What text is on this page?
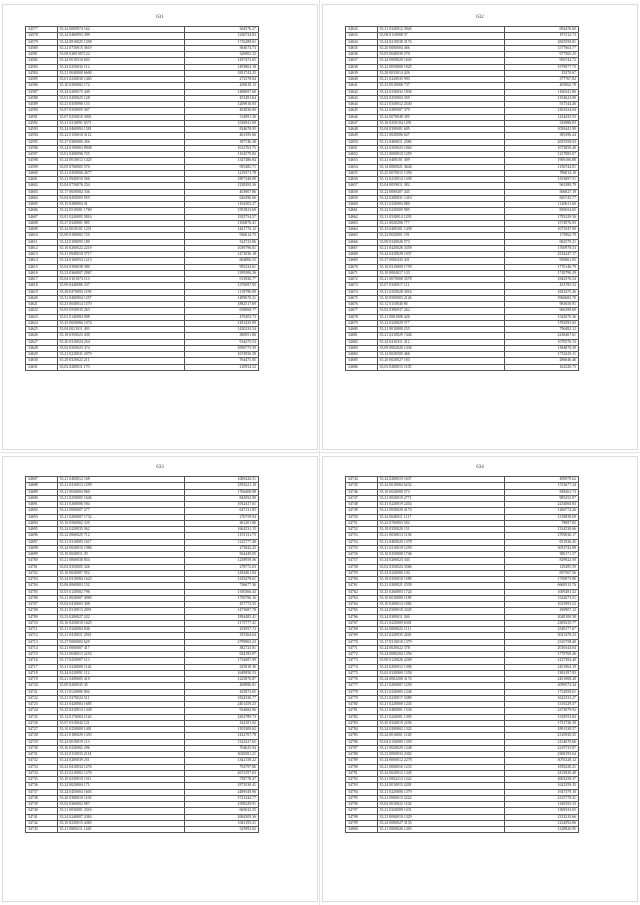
631
34577	35.24 0000974 162	564576.27
34578	35.24 0460093 399	1236734.83
34579	35.24 0810025 1358	1716289.61
34580	35.21 0750015 3619	384674.73
34581	35.08 0200 007122	326902.32
34582	35.24 0010516 603	1297472.65
34583	35.24 0250032 112	1493804.18
34584	35.21 0040000 6600	1821743.25
34585	35.01 0230030 1465	272578.04
34586	35.10 0200002 172	429618.13
34587	35.24 0200075 449	1488697.60
34588	35.01 0200025 128	453491.64
34589	35.21 0350090 153	1269916.93
34590	35.07 0350005 307	492830.80
34591	35.07 0250010 3001	314991.30
34592	35.21 0210091 6571	1536941.69
34593	35.24 0460094 1581	834678.95
34594	35.22 0150010 3112	461395.66
34595	35.27 0390000 456	397746.38
34596	35.24 0190063 8949	1612763.75
34597	35.01 0200096 725	1163579.82
34598	35.24 0010012 1425	1347486.84
34599	35.05 0760005 570	995485.71
34600	35.21 0450006 2677	1219371.78
34601	35.21 0940010 566	1807346.09
34602	35.04 0750076 254	1238393.36
34603	35.17 0650002 336	403907.86
34604	35.04 0450003 955	626396.66
34605	35.15 0280004 41	1194303.27
34606	35.22 0510001 1769	1591823.60
34607	35.01 0220005 5816	1825754.57
34608	35.27 0320001 985	1106876.41
34609	35.24 0010101 1251	1441776.12
34610	35.09 0180002 725	936614.75
34611	35.24 0190095 180	334723.86
34612	35.16 0260022 2219	1039796.81
34613	35.21 0940010 3717	1471036.18
34614	35.24 0160054 1213	664866.55
34615	35.04 0390038 380	995234.61
34616	35.23 0360007 2967	1399306.26
34617	35.04 0101073 113	913926.77
34618	35.09 0440086 337	1370697.95
34619	35.29 0470093 1199	1118790.09
34620	35.31 0400004 1257	1489670.21
34621	35.21 0040014 1570	1882517.69
34622	35.05 0550035 263	658068.77
34623	35.01 0140084 908	479203.73
34624	35.25 0650066 1074	2181435.09
34625	35.04 0021011 493	1420235.54
34626	35.18 0350023 430	386951.86
34627	35.20 0310024 254	914275.53
34628	35.02 0350023 374	2990775.59
34629	35.21 0220031 2079	1674956.39
34630	35.29 0320022 211	764475.85
34631	35.02 0280011 170	210934.52
632
34632	35.21 0320012 3926	694476.60
34633	35.08 0110008 37	197212.73
34634	35.24 0210038 3174	2825550.01
34635	35.20 0000004 466	1577663.77
34636	35.03 0040039 270	977565.25
34637	35.24 0000020 1643	956744.72
34638	35.22 0050008 1925	1579977.75
34639	35.28 0033014 426	35370.67
34640	35.21 0220035 993	377767.82
34641	35.23 0010006 737	405062.78
34642	35.24 0330032 1836	1160341.86
34643	35.02 0250004 359	1354623.00
34644	35.21 0330012 2540	537544.26
34645	35.22 0280007 379	1303434.04
34646	35.24 0070048 395	1234435.55
34647	35.16 0250104 1291	343886.83
34648	35.04 0390001 605	1039441.90
34649	35.21 0020006 627	385396.24
34650	35.21 0400011 2586	2655358.03
34651	35.24 0350023 1064	1073850.40
34652	35.21 0000010 1259	1237885.07
34653	35.21 0400101 309	1969106.88
34654	35.14 0000021 3644	1156744.01
34655	35.25 0070015 1356	786814.10
34656	35.12 0410014 1339	1353697.51
34657	35.04 0059011 382	963380.79
34658	35.22 0000407 445	566827.18
34659	35.22 0200031 1410	820743.77
34660	35.21 0220004 880	1140611.60
34661	35.23 0230000 985	830654.65
34662	35.11 0330014 1295	1795229.56
34663	35.21 0020206 777	1574976.93
34664	35.23 0400301 1439	1073547.00
34665	35.22 0020001 191	175962.79
34666	35.09 0330026 573	682579.21
34667	35.21 0420026 3359	1760978.53
34668	35.24 0410028 1037	2534247.17
34669	35.27 0000435 431	956861.05
34670	35.10 0310009 1759	1770146.79
34671	35.10 0004017 133	1710790.29
34672	35.21 0070008 3578	1842576.54
34673	35.07 0330017 111	433785.52
34674	35.21 0250028 3016	1823475.26
34675	35.10 0500003 2126	3966682.70
34676	35.12 0110040 80	983650.91
34677	35.02 0390037 262	966399.69
34678	35.21 0001008 426	1542070.36
34679	35.22 0320029 577	1783595.82
34680	35.21 0010008 255	796482.12
34681	35.21 0210029 7444	2238467.61
34682	35.24 0410311 412	1070576.13
34683	35.09 0002026 1436	1384870.39
34684	35.14 0020500 466	1733419.11
34685	35.20 0020027 183	286646.46
34686	35.03 0280015 1105	162320.75
633
34687	35.21 0400012 168	1689426.51
34688	35.21 0410013 1299	2593221.10
34689	35.21 0030004 860	1706408.98
34690	35.21 0250005 1646	844592.90
34691	35.21 0200006 594	1932417.61
34692	35.21 0000007 277	647131.85
34693	35.21 0200007 1732	276759.94
34694	35.10 0560002 335	361201.86
34695	35.24 0220035 562	1662531.15
34696	35.22 0060025 712	1191131.75
34697	35.21 0310005 1617	1125777.48
34698	35.24 0020010 1986	275842.25
34699	35.10 0020011 29	564449.05
34700	35.21 0060030 854	1238959.36
34701	35.02 0350005 326	278772.03
34702	35.10 0020007 952	2184461.84
34703	35.24 0310084 1623	1335478.61
34704	35.06 0060003 152	736677.36
34705	35.03 0120002 796	1350366.43
34706	35.21 0020007 4969	1750796.16
34707	35.02 0410003 308	457772.55
34708	35.21 0310013 2091	1475687.78
34709	35.23 0200027 222	1894485.41
34710	35.10 0250010 1625	1175777.41
34711	35.21 0320004 846	253957.72
34712	35.21 0410011 2561	355364.64
34713	35.27 0060003 629	2799965.23
34714	35.21 0000007 417	382723.81
34715	35.21 0040013 2253	634195.87
34716	35.17 0250007 113	1732687.99
34717	35.21 0220009 1142	325818.36
34718	35.24 0410091 112	1649950.53
34719	35.21 0200005 419	1225876.87
34720	35.09 0200035 45	408886.81
34721	35.11 0120006 904	425072.65
34722	35.21 0370024 511	1824336.77
34723	35.21 0420004 1685	2401459.23
34724	35.25 0410014 1349	934684.96
34725	35.12 0170004 1126	2302789.73
34726	35.07 0310042 121	324181.02
34727	35.10 0250000 1401	1105309.62
34728	35.21 0180029 1353	1432707.78
34729	35.24 0010019 113	1323327.65
34730	35.16 0220002 296	704625.94
34731	35.22 0110033 2114	3020581.21
34732	35.24 0200039 251	1342158.22
34733	35.23 0410034 1276	794797.86
34734	35.23 0210002 1276	2672197.63
34735	35.10 0230010 1511	758778.47
34736	35.24 0020004 171	1873530.41
34737	35.24 0450004 1603	2489549.96
34738	35.20 0380010 1103	3721344.77
34739	35.02 0360002 987	1598229.91
34740	35.21 0030001 3316	665632.55
34741	35.24 0240007 2363	2684309.36
34742	35.10 0230015 4365	1041193.21
34743	35.21 0000211 1445	525993.82
634
34744	35.24 0200019 1637	499979.62
34745	35.24 0010004 6232	1723677.34
34746	35.10 0020000 573	838261.73
34747	35.21 0020019 2771	985252.07
34748	35.21 0220019 2454	2254060.83
34749	35.21 0030020 4174	1266774.26
34750	35.24 0040011 1117	1318838.69
34751	35.22 0760003 502	78697.82
34752	35.18 0350020 151	1334530.66
34753	35.21 0030013 1136	2709036.17
34754	35.21 0400020 1378	651926.45
34755	35.21 0210018 1259	3053742.98
34756	35.10 0250008 1746	380171.37
34757	35.24 0200023 343	829922.50
34758	35.02 0350024 3566	129285.59
34759	35.24 0220006 104	697567.56
34760	35.18 0350010 1589	1750875.80
34761	35.21 0200021 2539	6669515.76
34762	35.25 0260003 1724	1009281.32
34763	35.10 0010000 1189	1542073.51
34764	35.10 0200014 1082	1615993.52
34765	35.24 0500018 2345	290907.12
34766	35.24 0300011 346	2048100.58
34767	35.21 0220009 6301	2309235.77
34768	35.24 0000022 1111	2549177.67
34769	35.21 0220035 4201	3021478.23
34770	35.17 0310010 1379	2310758.40
34771	35.24 0020022 378	2016543.04
34772	35.24 0000204 1356	1779769.26
34773	35.09 0120026 2209	2127394.40
34774	35.24 0200012 1396	2451964.19
34775	35.02 0320000 1558	1303197.83
34776	35.24 0002208 3174	2451908.28
34777	35.21 0200007 1259	2099573.34
34778	35.21 0220005 1246	1732958.01
34779	35.21 0230017 3389	1622333.27
34780	35.21 0220000 1245	1319229.57
34781	35.21 0400001 1536	2373079.92
34782	35.21 0220001 1305	1529553.84
34783	35.20 0320019 2256	1731726.39
34784	35.24 0200002 1322	1891338.57
34785	35.24 0010001 1128	2310930.55
34786	35.04 0130000 1359	2154070.66
34787	35.21 0020020 1248	2219735.87
34788	35.21 0000033 2302	2308195.64
34789	35.24 0000012 2278	3076328.12
34790	35.21 0000016 1233	1839220.21
34791	35.24 0020012 1345	2413920.40
34792	35.21 0002213 1222	2003258.37
34793	35.24 0010015 2201	1622359.35
34794	35.21 0220006 1379	1947379.10
34795	35.21 0000013 2222	2315778.41
34796	35.02 0010022 1102	1349355.33
34797	35.21 0320009 1331	1309333.65
34798	35.21 0000010 1329	2313210.66
34799	35.24 0000027 3133	1234592.86
34800	35.21 0000026 1203	1328826.95
